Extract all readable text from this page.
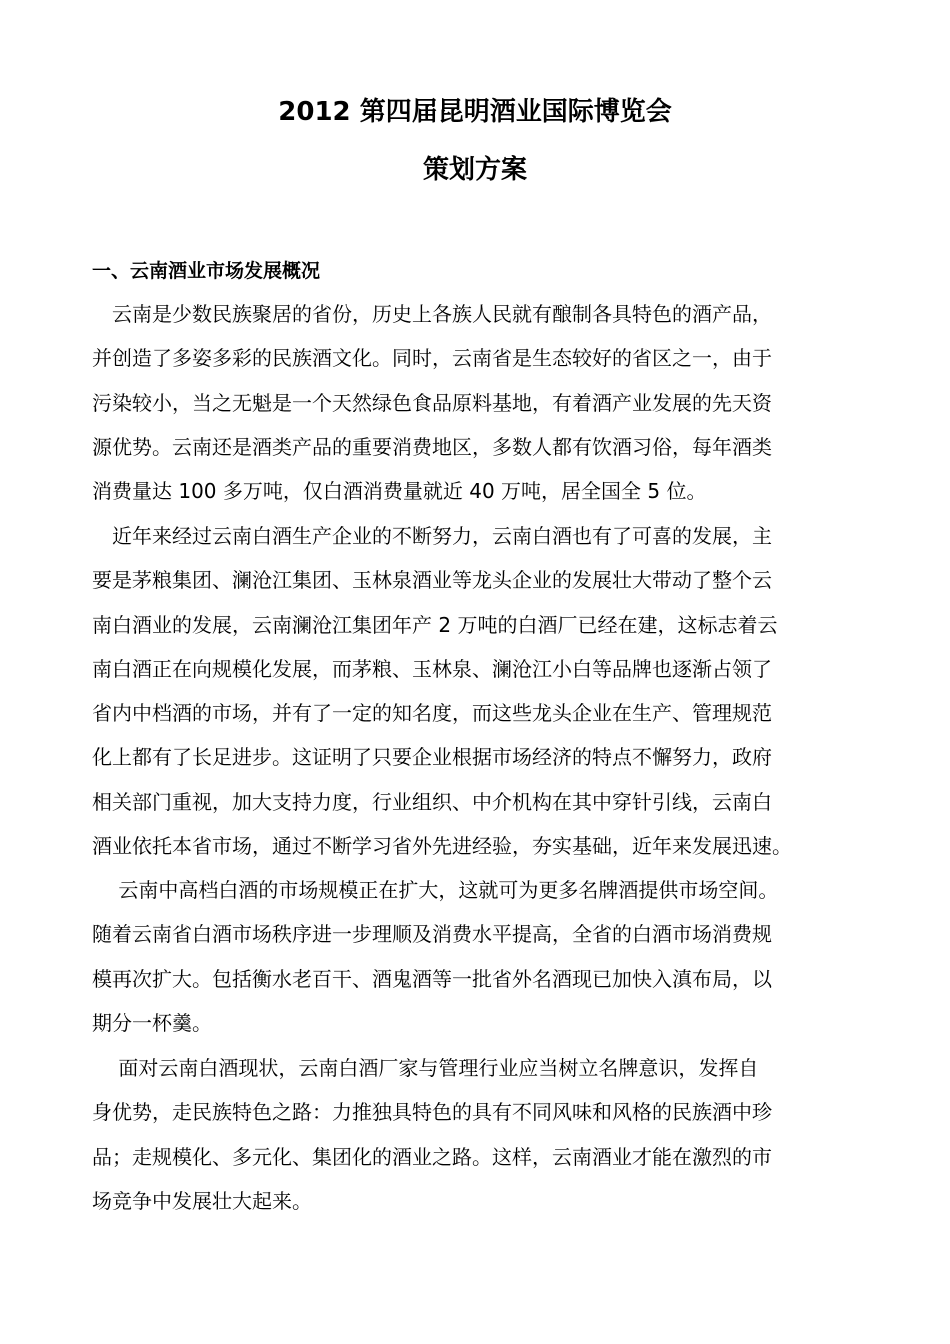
2012 第四届昆明酒业国际博览会
策划方案
一、云南酒业市场发展概况
　云南是少数民族聚居的省份，历史上各族人民就有酿制各具特色的酒产品，
并创造了多姿多彩的民族酒文化。同时，云南省是生态较好的省区之一，由于
污染较小，当之无魁是一个天然绿色食品原料基地，有着酒产业发展的先天资
源优势。云南还是酒类产品的重要消费地区，多数人都有饮酒习俗，每年酒类
消费量达 100 多万吨，仅白酒消费量就近 40 万吨，居全国全 5 位。
　近年来经过云南白酒生产企业的不断努力，云南白酒也有了可喜的发展，主
要是茅粮集团、澜沧江集团、玉林泉酒业等龙头企业的发展壮大带动了整个云
南白酒业的发展，云南澜沧江集团年产 2 万吨的白酒厂已经在建，这标志着云
南白酒正在向规模化发展，而茅粮、玉林泉、澜沧江小白等品牌也逐渐占领了
省内中档酒的市场，并有了一定的知名度，而这些龙头企业在生产、管理规范
化上都有了长足进步。这证明了只要企业根据市场经济的特点不懈努力，政府
相关部门重视，加大支持力度，行业组织、中介机构在其中穿针引线，云南白
酒业依托本省市场，通过不断学习省外先进经验，夯实基础，近年来发展迅速。
　 云南中高档白酒的市场规模正在扩大，这就可为更多名牌酒提供市场空间。
随着云南省白酒市场秩序进一步理顺及消费水平提高，全省的白酒市场消费规
模再次扩大。包括衡水老百干、酒鬼酒等一批省外名酒现已加快入滇布局，以
期分一杯羹。
　 面对云南白酒现状，云南白酒厂家与管理行业应当树立名牌意识，发挥自
身优势，走民族特色之路：力推独具特色的具有不同风味和风格的民族酒中珍
品；走规模化、多元化、集团化的酒业之路。这样，云南酒业才能在激烈的市
场竞争中发展壮大起来。
